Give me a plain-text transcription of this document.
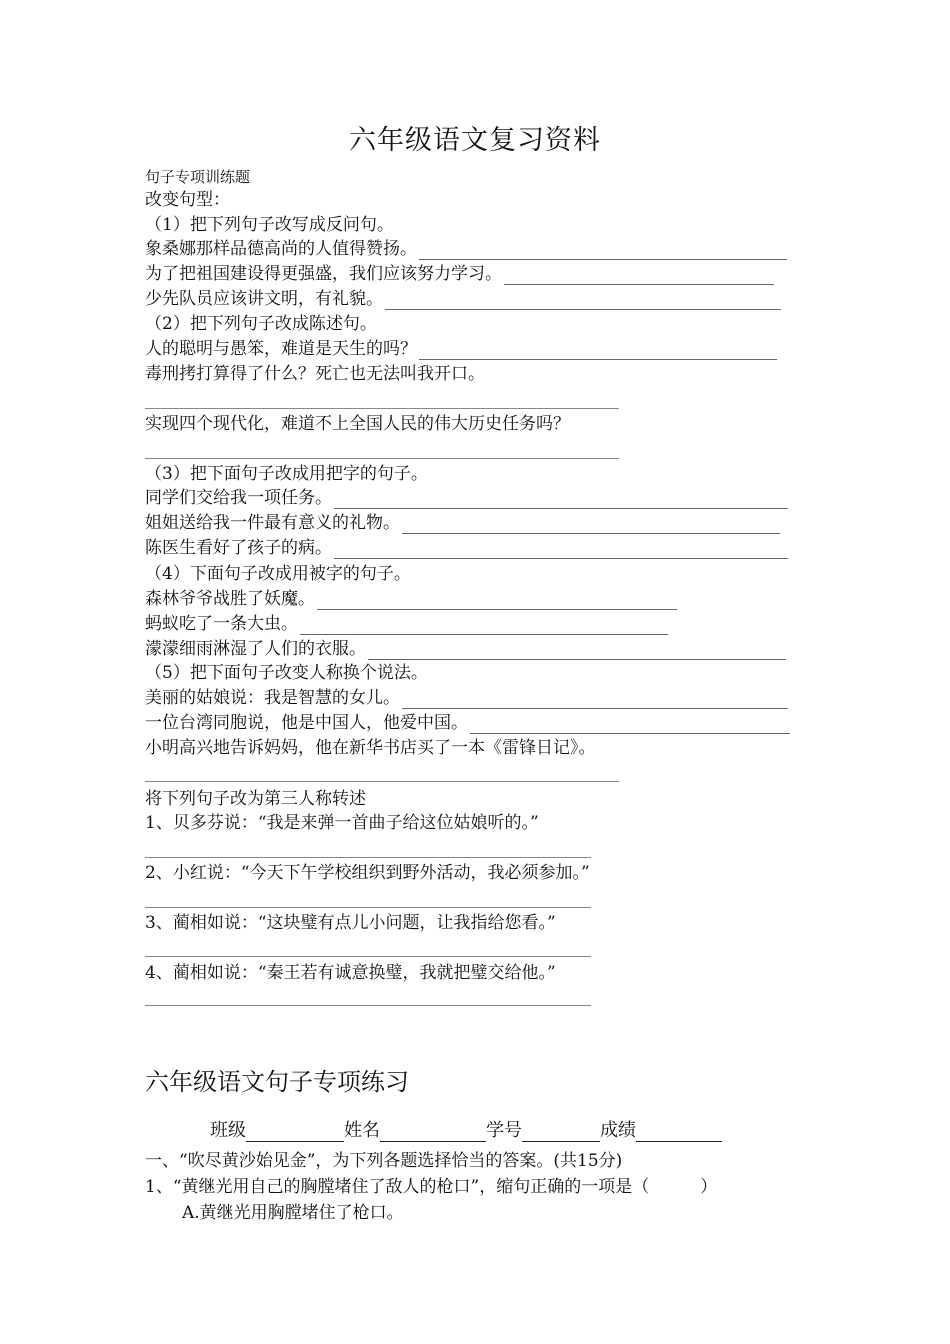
六年级语文复习资料
句子专项训练题
改变句型：
（1）把下列句子改写成反问句。
象桑娜那样品德高尚的人值得赞扬。
为了把祖国建设得更强盛，我们应该努力学习。
少先队员应该讲文明，有礼貌。
（2）把下列句子改成陈述句。
人的聪明与愚笨，难道是天生的吗？
毒刑拷打算得了什么？死亡也无法叫我开口。
实现四个现代化，难道不上全国人民的伟大历史任务吗？
（3）把下面句子改成用把字的句子。
同学们交给我一项任务。
姐姐送给我一件最有意义的礼物。
陈医生看好了孩子的病。
（4）下面句子改成用被字的句子。
森林爷爷战胜了妖魔。
蚂蚁吃了一条大虫。
濛濛细雨淋湿了人们的衣服。
（5）把下面句子改变人称换个说法。
美丽的姑娘说：我是智慧的女儿。
一位台湾同胞说，他是中国人，他爱中国。
小明高兴地告诉妈妈，他在新华书店买了一本《雷锋日记》。
将下列句子改为第三人称转述
1、贝多芬说：“我是来弹一首曲子给这位姑娘听的。”
2、小红说：“今天下午学校组织到野外活动，我必须参加。”
3、蔺相如说：“这块璧有点儿小问题，让我指给您看。”
4、蔺相如说：“秦王若有诚意换璧，我就把璧交给他。”
六年级语文句子专项练习
班级	姓名	学号	成绩
一、“吹尽黄沙始见金”，为下列各题选择恰当的答案。(共15分)
1、“黄继光用自己的胸膛堵住了敌人的枪口”，缩句正确的一项是（　　　）
A.黄继光用胸膛堵住了枪口。
